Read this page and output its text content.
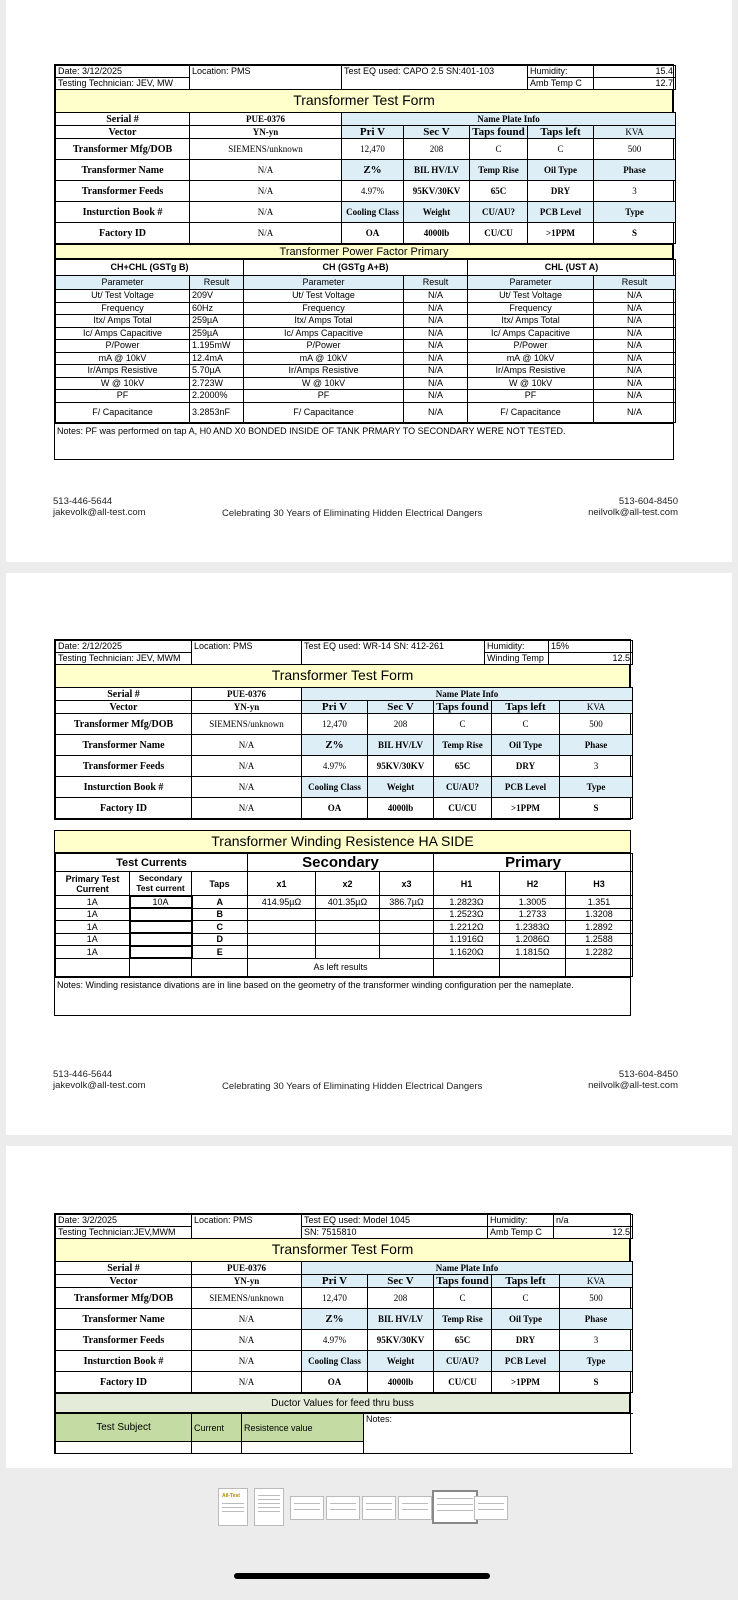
Date: 3/12/2025	Location: PMS	Test EQ used: CAPO 2.5 SN:401-103	Humidity:	15.4
Testing Technician: JEV, MW			Amb Temp C	12.7
Transformer Test Form
Serial #	PUE-0376	Name Plate Info				
Vector	YN-yn	Pri V	Sec V	Taps found	Taps left	KVA
Transformer Mfg/DOB	SIEMENS/unknown	12,470	208	C	C	500
Transformer Name	N/A	Z%	BIL HV/LV	Temp Rise	Oil Type	Phase
Transformer Feeds	N/A	4.97%	95KV/30KV	65C	DRY	3
Insturction Book #	N/A	Cooling Class	Weight	CU/AU?	PCB Level	Type
Factory ID	N/A	OA	4000lb	CU/CU	>1PPM	S
Transformer Power Factor Primary
CH+CHL (GSTg B)		CH (GSTg A+B)		CHL (UST A)	
Parameter	Result	Parameter	Result	Parameter	Result
Ut/ Test Voltage	209V	Ut/ Test Voltage	N/A	Ut/ Test Voltage	N/A
Frequency	60Hz	Frequency	N/A	Frequency	N/A
Itx/ Amps Total	259µA	Itx/ Amps Total	N/A	Itx/ Amps Total	N/A
Ic/ Amps Capacitive	259µA	Ic/ Amps Capacitive	N/A	Ic/ Amps Capacitive	N/A
P/Power	1.195mW	P/Power	N/A	P/Power	N/A
mA @ 10kV	12.4mA	mA @ 10kV	N/A	mA @ 10kV	N/A
Ir/Amps Resistive	5.70µA	Ir/Amps Resistive	N/A	Ir/Amps Resistive	N/A
W @ 10kV	2.723W	W @ 10kV	N/A	W @ 10kV	N/A
PF	2.2000%	PF	N/A	PF	N/A
F/ Capacitance	3.2853nF	F/ Capacitance	N/A	F/ Capacitance	N/A
Notes: PF was performed on tap A, H0 AND X0 BONDED INSIDE OF TANK PRMARY TO SECONDARY WERE NOT TESTED.
513-446-5644
jakevolk@all-test.com	Celebrating 30 Years of Eliminating Hidden Electrical Dangers
513-604-8450
neilvolk@all-test.com
Date: 2/12/2025	Location: PMS	Test EQ used: WR-14 SN: 412-261	Humidity:	15%
Testing Technician: JEV, MWM			Winding Temp	12.5
Transformer Test Form
Serial #	PUE-0376	Name Plate Info				
Vector	YN-yn	Pri V	Sec V	Taps found	Taps left	KVA
Transformer Mfg/DOB	SIEMENS/unknown	12,470	208	C	C	500
Transformer Name	N/A	Z%	BIL HV/LV	Temp Rise	Oil Type	Phase
Transformer Feeds	N/A	4.97%	95KV/30KV	65C	DRY	3
Insturction Book #	N/A	Cooling Class	Weight	CU/AU?	PCB Level	Type
Factory ID	N/A	OA	4000lb	CU/CU	>1PPM	S
Transformer Winding Resistence HA SIDE
Test Currents			Secondary			Primary		
Primary Test Current	Secondary Test current	Taps	x1	x2	x3	H1	H2	H3
1A	10A	A	414.95µΩ	401.35µΩ	386.7µΩ	1.2823Ω	1.3005	1.351
1A		B				1.2523Ω	1.2733	1.3208
1A		C				1.2212Ω	1.2383Ω	1.2892
1A		D				1.1916Ω	1.2086Ω	1.2588
1A		E				1.1620Ω	1.1815Ω	1.2282
			As left results					
Notes: Winding resistance divations are in line based on the geometry of the transformer winding configuration per the nameplate.
513-446-5644
jakevolk@all-test.com	Celebrating 30 Years of Eliminating Hidden Electrical Dangers
513-604-8450
neilvolk@all-test.com
Date: 3/2/2025	Location: PMS	Test EQ used: Model 1045	Humidity:	n/a
Testing Technician:JEV,MWM		SN: 7515810	Amb Temp C	12.5
Transformer Test Form
Serial #	PUE-0376	Name Plate Info				
Vector	YN-yn	Pri V	Sec V	Taps found	Taps left	KVA
Transformer Mfg/DOB	SIEMENS/unknown	12,470	208	C	C	500
Transformer Name	N/A	Z%	BIL HV/LV	Temp Rise	Oil Type	Phase
Transformer Feeds	N/A	4.97%	95KV/30KV	65C	DRY	3
Insturction Book #	N/A	Cooling Class	Weight	CU/AU?	PCB Level	Type
Factory ID	N/A	OA	4000lb	CU/CU	>1PPM	S
Ductor Values for feed thru buss
Test Subject	Current	Resistence value	Notes:

All-Test
